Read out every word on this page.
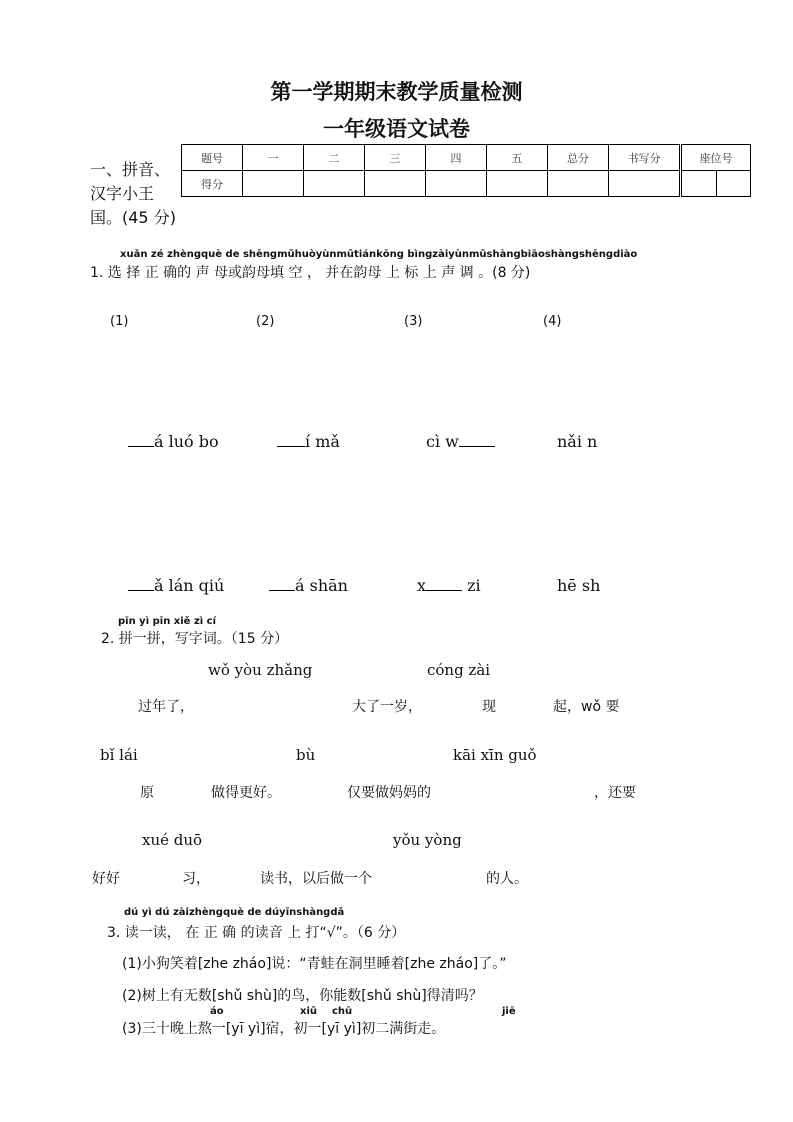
第一学期期末教学质量检测
一年级语文试卷
一、拼音、汉字小王国。(45 分)
题号	一	二	三	四	五	总分	书写分	座位号
得分								
xuǎn zé zhèngquè de shēngmǔhuòyùnmǔtiánkōng bìngzàiyùnmǔshàngbiāoshàngshēngdiào
1. 选 择 正 确的 声 母或韵母填 空 ， 并在韵母 上 标 上 声 调 。(8 分)
(1)	(2)	(3)	(4)
á luó bo	í mǎ	cì w	nǎi n
ǎ lán qiú	á shān	x zi	hē sh
pīn yì pīn xiě zì cí
2. 拼一拼，写字词。（15 分）
wǒ yòu zhǎng	cóng zài
过年了，	大了一岁，	现	起，wǒ 要
bǐ lái	bù	kāi xīn guǒ
原	做得更好。	仅要做妈妈的	，还要
xué duō	yǒu yòng
好好	习，	读书，以后做一个	的人。
dú yì dú zàizhèngquè de dúyīnshàngdǎ
3. 读一读， 在 正 确 的读音 上 打“√”。（6 分）
(1)小狗笑着[zhe zháo]说：“青蛙在洞里睡着[zhe zháo]了。”
(2)树上有无数[shǔ shù]的鸟，你能数[shǔ shù]得清吗？
áo	xiǔ chū	jiē
(3)三十晚上熬一[yī yì]宿，初一[yī yì]初二满街走。
